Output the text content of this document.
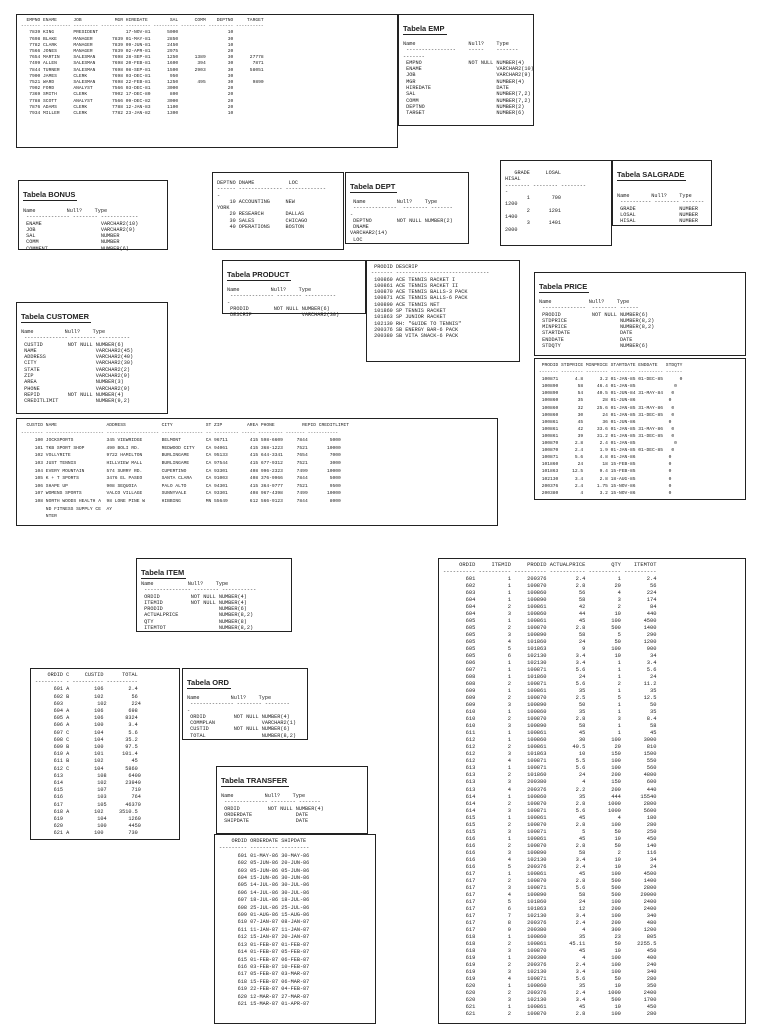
EMPNO ENAME      JOB            MGR HIREDATE        SAL      COMM    DEPTNO     TARGET
------- ---------- --------- -------- --------- --------- --------- --------- ----------
7839 KING       PRESIDENT          17-NOV-81      5000                  10
7698 BLAKE      MANAGER       7839 01-MAY-81      2850                  30
7782 CLARK      MANAGER       7839 09-JUN-81      2450                  10
7566 JONES      MANAGER       7839 02-APR-81      2975                  20
7654 MARTIN     SALESMAN      7698 28-SEP-81      1250      1389        30      27778
7499 ALLEN      SALESMAN      7698 20-FEB-81      1600       394        30       7871
7844 TURNER     SALESMAN      7698 08-SEP-81      1500      2903        30      58051
7900 JAMES      CLERK         7698 03-DEC-81       950                  30
7521 WARD       SALESMAN      7698 22-FEB-81      1250       495        30       9890
7902 FORD       ANALYST       7566 03-DEC-81      3000                  20
7369 SMITH      CLERK         7902 17-DEC-80       800                  20
7788 SCOTT      ANALYST       7566 09-DEC-82      3000                  20
7876 ADAMS      CLERK         7788 12-JAN-83      1100                  20
7934 MILLER     CLERK         7782 23-JAN-82      1300                  10
Tabela EMP
Name                 Null?    Type
----------------    -----    -------
-------
EMPNO               NOT NULL NUMBER(4)
ENAME                        VARCHAR2(10)
JOB                          VARCHAR2(9)
MGR                          NUMBER(4)
HIREDATE                     DATE
SAL                          NUMBER(7,2)
COMM                         NUMBER(7,2)
DEPTNO                       NUMBER(2)
TARGET                       NUMBER(6)
Tabela BONUS
Name          Null?    Type
-------------- -------- ------------
ENAME                   VARCHAR2(10)
JOB                     VARCHAR2(9)
SAL                     NUMBER
COMM                    NUMBER
COMMENT                 NUMBER(6)
DEPTNO DNAME           LOC
------ -------------- -------------
-
10 ACCOUNTING     NEW
YORK
20 RESEARCH       DALLAS
30 SALES          CHICAGO
40 OPERATIONS     BOSTON
Tabela DEPT
Name          Null?    Type
--------------  -------- -------
-
DEPTNO        NOT NULL NUMBER(2)
DNAME
VARCHAR2(14)
LOC
GRADE     LOSAL
HISAL
-------- -------- --------
-
1       700
1200
2      1201
1400
3      1401
2000
Tabela SALGRADE
Name       Null?    Type
---------- -------- -------
GRADE              NUMBER
LOSAL              NUMBER
HISAL              NUMBER
Tabela PRODUCT
Name          Null?    Type
-------------- -------- ----------
-
PRODID        NOT NULL NUMBER(6)
DESCRIP                VARCHAR2(30)
PRODID DESCRIP
------- ------------------------------
100860 ACE TENNIS RACKET I
100861 ACE TENNIS RACKET II
100870 ACE TENNIS BALLS-3 PACK
100871 ACE TENNIS BALLS-6 PACK
100890 ACE TENNIS NET
101860 SP TENNIS RACKET
101863 SP JUNIOR RACKET
102130 RH: "GUIDE TO TENNIS"
200376 SB ENERGY BAR-6 PACK
200380 SB VITA SNACK-6 PACK
Tabela CUSTOMER
Name          Null?    Type
-------------- -------- ----------
CUSTID        NOT NULL NUMBER(6)
NAME                   VARCHAR2(45)
ADDRESS                VARCHAR2(40)
CITY                   VARCHAR2(30)
STATE                  VARCHAR2(2)
ZIP                    VARCHAR2(9)
AREA                   NUMBER(3)
PHONE                  VARCHAR2(9)
REPID         NOT NULL NUMBER(4)
CREDITLIMIT            NUMBER(9,2)
Tabela PRICE
Name            Null?    Type
--------------  -------- ------
PRODID          NOT NULL NUMBER(6)
STDPRICE                 NUMBER(8,2)
MINPRICE                 NUMBER(8,2)
STARTDATE                DATE
ENDDATE                  DATE
STDQTY                   NUMBER(6)
PRODID STDPRICE MINPRICE STARTDATE ENDDATE   STDQTY
------- -------- -------- --------- --------- ------
100871      4.8      3.2 01-JAN-85 01-DEC-85      0
100890       58     46.4 01-JAN-85              0
100890       54     40.5 01-JUN-84 31-MAY-84   0
100860       35       28 01-JUN-86            0
100860       32     25.6 01-JAN-85 31-MAY-86   0
100860       30       24 01-JAN-85 31-DEC-85   0
100861       45       36 01-JUN-86            0
100861       42     33.6 01-JAN-85 31-MAY-86   0
100861       39     31.2 01-JAN-85 31-DEC-85   0
100870      2.8      2.4 01-JAN-85              0
100870      2.4      1.9 01-JAN-85 01-DEC-85   0
100871      5.6      4.8 01-JAN-86            0
101860       24       18 15-FEB-85            0
101863     12.5      9.4 15-FEB-85            0
102130      3.4      2.8 18-AUG-85            0
200376      2.4     1.75 15-NOV-86            0
200380        4      3.2 15-NOV-86            0
CUSTID NAME                  ADDRESS             CITY            ST ZIP         AREA PHONE          REPID CREDITLIMIT
-------- --------------------- ------------------- --------------- -- --------- ----- --------- ------- -----------
100 JOCKSPORTS            345 VIEWRIDGE       BELMONT         CA 96711        415 598-6609     7844        5000
101 TKB SPORT SHOP        490 BOLI RD.        REDWOOD CITY    CA 94061        415 368-1223     7521       10000
102 VOLLYRITE             9722 HAMILTON       BURLINGAME      CA 95133        415 644-3341     7654        7000
103 JUST TENNIS           HILLVIEW MALL       BURLINGAME      CA 97544        415 677-9312     7521        3000
104 EVERY MOUNTAIN        574 SURRY RD.       CUPERTINO       CA 93301        408 996-2323     7499       10000
105 K + T SPORTS          3476 EL PASEO       SANTA CLARA     CA 91003        408 376-9966     7844        5000
106 SHAPE UP              908 SEQUOIA         PALO ALTO       CA 94301        415 364-9777     7521        9500
107 WOMENS SPORTS         VALCO VILLAGE       SUNNYVALE       CA 93301        408 967-4398     7499       10000
108 NORTH WOODS HEALTH A  98 LONE PINE W      HIBBING         MN 55649        612 566-9123     7844        8000
ND FITNESS SUPPLY CE  AY
NTER
Tabela ITEM
Name           Null?    Type
--------------- -------- -----------
ORDID          NOT NULL NUMBER(4)
ITEMID         NOT NULL NUMBER(4)
PRODID                  NUMBER(6)
ACTUALPRICE             NUMBER(8,2)
QTY                     NUMBER(8)
ITEMTOT                 NUMBER(8,2)
ORDID     ITEMID     PRODID ACTUALPRICE        QTY    ITEMTOT
---------- ---------- ---------- ----------- ---------- ----------
601          1     200376         2.4          1        2.4
602          1     100870         2.8         20         56
603          1     100860          56          4        224
604          1     100890          58          3        174
604          2     100861          42          2         84
604          3     100860          44         10        440
605          1     100861          45        100       4500
605          2     100870         2.8        500       1400
605          3     100890          58          5        290
605          4     101860          24         50       1200
605          5     101863           9        100        900
605          6     102130         3.4         10         34
606          1     102130         3.4          1        3.4
607          1     100871         5.6          1        5.6
608          1     101860          24          1         24
608          2     100871         5.6          2       11.2
609          1     100861          35          1         35
609          2     100870         2.5          5       12.5
609          3     100890          50          1         50
610          1     100860          35          1         35
610          2     100870         2.8          3        8.4
610          3     100890          58          1         58
611          1     100861          45          1         45
612          1     100860          30        100       3000
612          2     100861        40.5         20        810
612          3     101863          10        150       1500
612          4     100871         5.5        100        550
613          1     100871         5.6        100        560
613          2     101860          24        200       4800
613          3     200380           4        150        600
613          4     200376         2.2        200        440
614          1     100860          35        444      15540
614          2     100870         2.8       1000       2800
614          3     100871         5.6       1000       5600
615          1     100861          45          4        180
615          2     100870         2.8        100        280
615          3     100871           5         50        250
616          1     100861          45         10        450
616          2     100870         2.8         50        140
616          3     100890          58          2        116
616          4     102130         3.4         10         34
616          5     200376         2.4         10         24
617          1     100861          45        100       4500
617          2     100870         2.8        500       1400
617          3     100871         5.6        500       2800
617          4     100890          58        500      29000
617          5     101860          24        100       2400
617          6     101863          12        200       2400
617          7     102130         3.4        100        340
617          8     200376         2.4        200        480
617          9     200380           4        300       1200
618          1     100860          35         23        805
618          2     100861       45.11         50     2255.5
618          3     100870          45         10        450
619          1     200380           4        100        400
619          2     200376         2.4        100        240
619          3     102130         3.4        100        340
619          4     100871         5.6         50        280
620          1     100860          35         10        350
620          2     200376         2.4       1000       2400
620          3     102130         3.4        500       1700
621          1     100861          45         10        450
621          2     100870         2.8        100        280
ORDID C     CUSTID      TOTAL
--------- - ---------- ----------
601 A        106        2.4
602 B        102         56
603           102        224
604 A        106        698
605 A        106       8324
606 A        100        3.4
607 C        104        5.6
608 C        104       35.2
609 B        100       97.5
610 A        101      101.4
611 B        102         45
612 C        104       5860
613           108       6400
614           102      23940
615           107        710
616           103        764
617           105      46370
618 A        102     3510.5
619           104       1260
620           100       4450
621 A        100        730
Tabela ORD
Name          Null?    Type
-------------- -------- --------
-
ORDID         NOT NULL NUMBER(4)
COMMPLAN               VARCHAR2(1)
CUSTID        NOT NULL NUMBER(6)
TOTAL                  NUMBER(8,2)
Tabela TRANSFER
Name          Null?    Type
-------------- -------- -------
ORDID         NOT NULL NUMBER(4)
ORDERDATE              DATE
SHIPDATE               DATE
ORDID ORDERDATE SHIPDATE
--------- --------- ---------
601 01-MAY-86 30-MAY-86
602 05-JUN-86 20-JUN-86
603 05-JUN-86 05-JUN-86
604 15-JUN-86 30-JUN-86
605 14-JUL-86 30-JUL-86
606 14-JUL-86 30-JUL-86
607 18-JUL-86 18-JUL-86
608 25-JUL-86 25-JUL-86
609 01-AUG-86 15-AUG-86
610 07-JAN-87 08-JAN-87
611 11-JAN-87 11-JAN-87
612 15-JAN-87 20-JAN-87
613 01-FEB-87 01-FEB-87
614 01-FEB-87 05-FEB-87
615 01-FEB-87 06-FEB-87
616 03-FEB-87 10-FEB-87
617 05-FEB-87 03-MAR-87
618 15-FEB-87 06-MAR-87
619 22-FEB-87 04-FEB-87
620 12-MAR-87 27-MAR-87
621 15-MAR-87 01-APR-87
